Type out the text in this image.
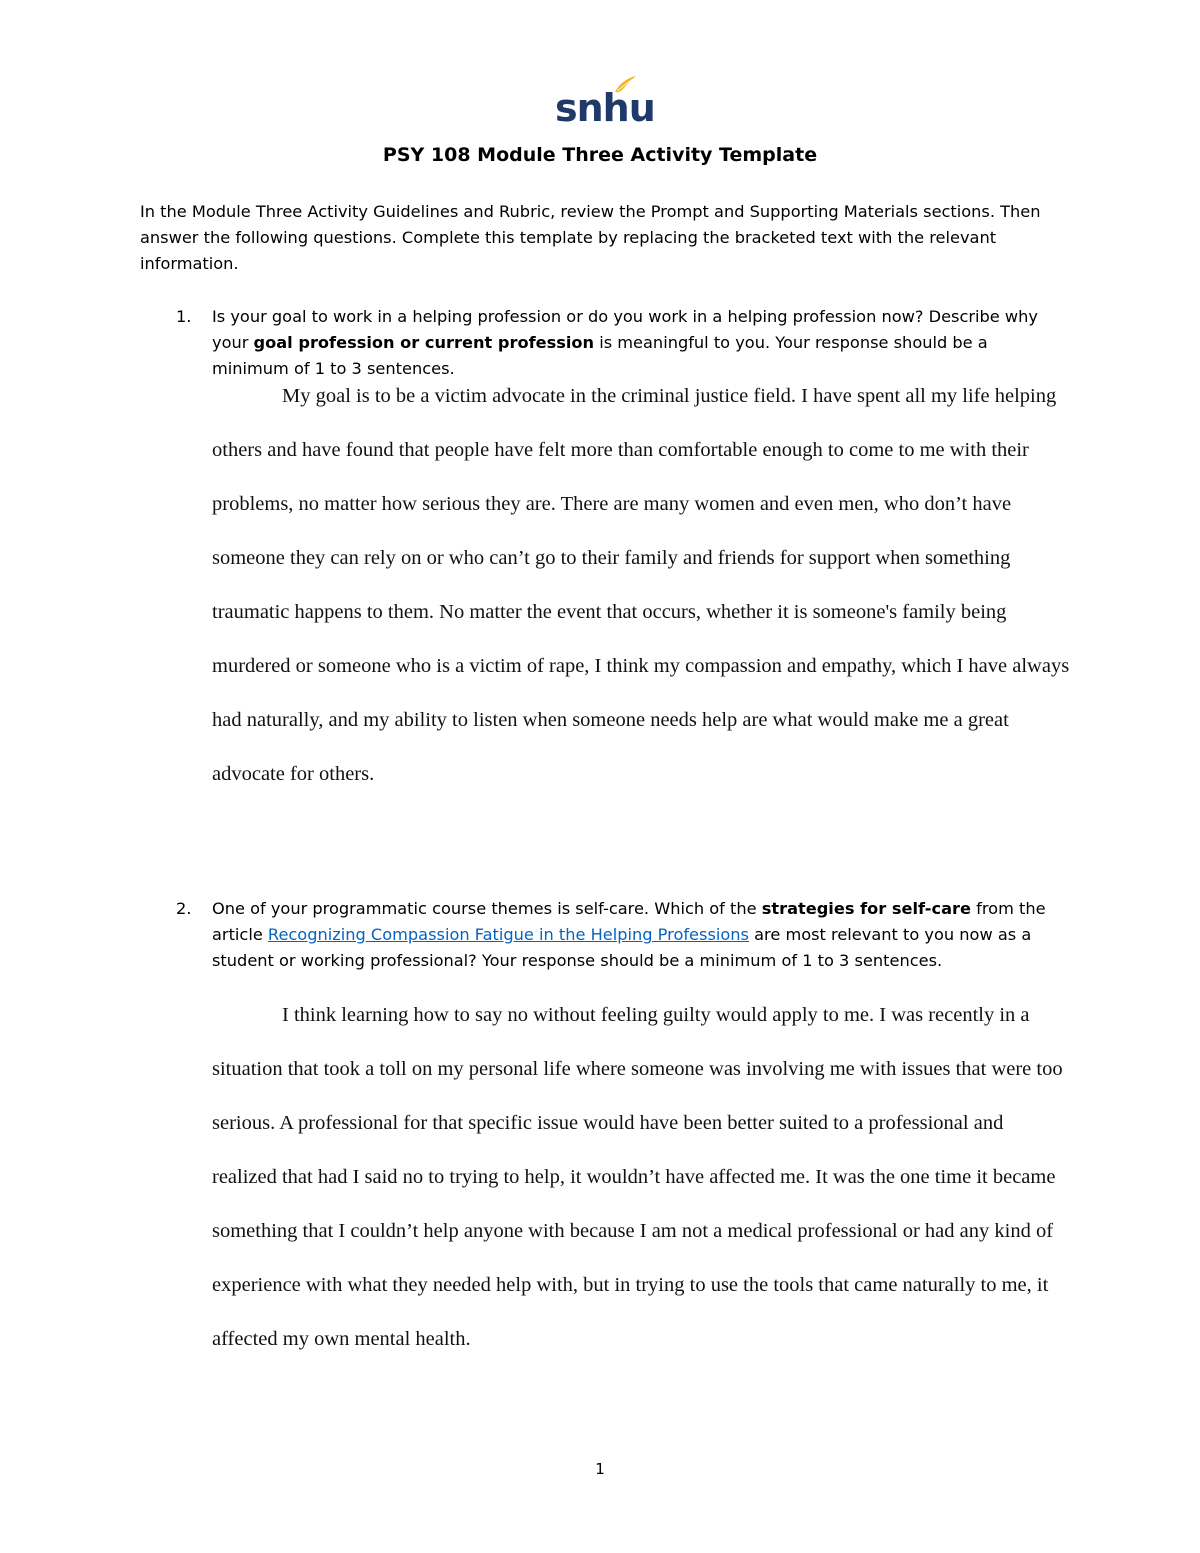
snhu
PSY 108 Module Three Activity Template
In the Module Three Activity Guidelines and Rubric, review the Prompt and Supporting Materials sections. Then answer the following questions. Complete this template by replacing the bracketed text with the relevant information.
1. Is your goal to work in a helping profession or do you work in a helping profession now? Describe why your goal profession or current profession is meaningful to you. Your response should be a minimum of 1 to 3 sentences.
My goal is to be a victim advocate in the criminal justice field. I have spent all my life helping others and have found that people have felt more than comfortable enough to come to me with their problems, no matter how serious they are. There are many women and even men, who don’t have someone they can rely on or who can’t go to their family and friends for support when something traumatic happens to them. No matter the event that occurs, whether it is someone's family being murdered or someone who is a victim of rape, I think my compassion and empathy, which I have always had naturally, and my ability to listen when someone needs help are what would make me a great advocate for others.
2. One of your programmatic course themes is self-care. Which of the strategies for self-care from the article Recognizing Compassion Fatigue in the Helping Professions are most relevant to you now as a student or working professional? Your response should be a minimum of 1 to 3 sentences.
I think learning how to say no without feeling guilty would apply to me. I was recently in a situation that took a toll on my personal life where someone was involving me with issues that were too serious. A professional for that specific issue would have been better suited to a professional and realized that had I said no to trying to help, it wouldn’t have affected me. It was the one time it became something that I couldn’t help anyone with because I am not a medical professional or had any kind of experience with what they needed help with, but in trying to use the tools that came naturally to me, it affected my own mental health.
1
